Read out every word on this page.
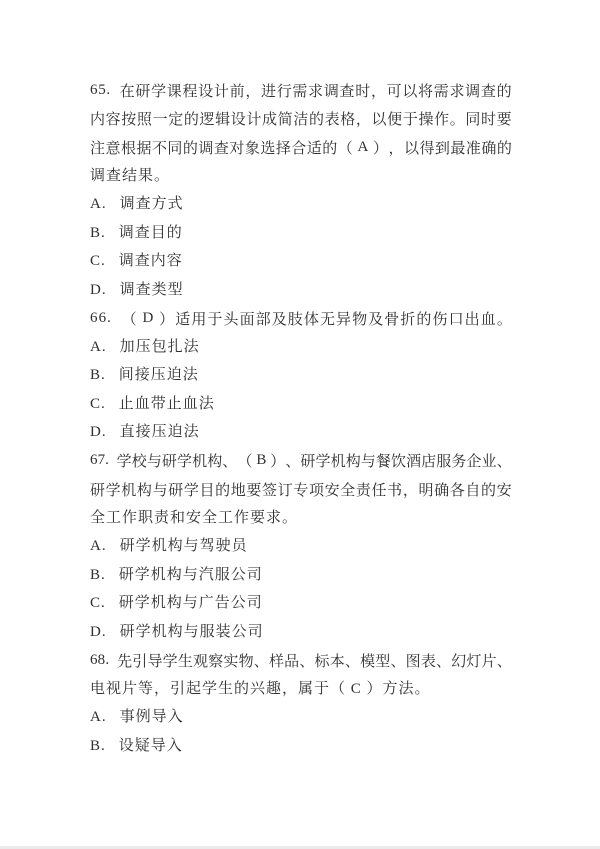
6 5 .

在 研 学 课 程 设 计 前 ， 进 行 需 求 调 查 时 ， 可 以 将 需 求 调 查 的
内 容 按 照 一 定 的 逻 辑 设 计 成 简 洁 的 表 格 ， 以 便 于 操 作 。 同 时 要
注 意 根 据 不 同 的 调 查 对 象 选 择 合 适 的 （
A
） ， 以 得 到 最 准 确 的
调查结果。
A. 调查方式
B. 调查目的
C. 调查内容
D. 调查类型
6 6 .

（
D
） 适 用 于 头 面 部 及 肢 体 无 异 物 及 骨 折 的 伤 口 出 血 。
A. 加压包扎法
B. 间接压迫法
C. 止血带止血法
D. 直接压迫法
6 7 .

学 校 与 研 学 机 构 、 （
B
） 、 研 学 机 构 与 餐 饮 酒 店 服 务 企 业 、
研 学 机 构 与 研 学 目 的 地 要 签 订 专 项 安 全 责 任 书 ， 明 确 各 自 的 安
全工作职责和安全工作要求。
A. 研学机构与驾驶员
B. 研学机构与汽服公司
C. 研学机构与广告公司
D. 研学机构与服装公司
6 8 .

先 引 导 学 生 观 察 实 物 、 样 品 、 标 本 、 模 型 、 图 表 、 幻 灯 片 、
电视片等，引起学生的兴趣，属于（ C ）方法。
A. 事例导入
B. 设疑导入
